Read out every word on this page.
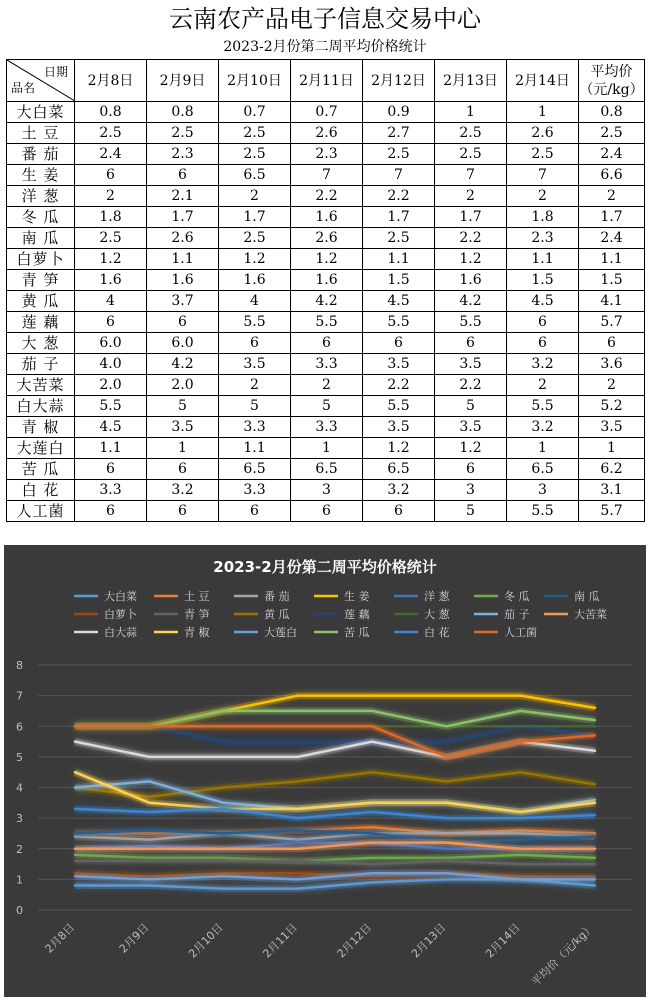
云南农产品电子信息交易中心
2023-2月份第二周平均价格统计
日期
品名	2月8日	2月9日	2月10日	2月11日	2月12日	2月13日	2月14日	平均价
（元/kg）
大白菜	0.8	0.8	0.7	0.7	0.9	1	1	0.8
土 豆	2.5	2.5	2.5	2.6	2.7	2.5	2.6	2.5
番 茄	2.4	2.3	2.5	2.3	2.5	2.5	2.5	2.4
生 姜	6	6	6.5	7	7	7	7	6.6
洋 葱	2	2.1	2	2.2	2.2	2	2	2
冬 瓜	1.8	1.7	1.7	1.6	1.7	1.7	1.8	1.7
南 瓜	2.5	2.6	2.5	2.6	2.5	2.2	2.3	2.4
白萝卜	1.2	1.1	1.2	1.2	1.1	1.2	1.1	1.1
青 笋	1.6	1.6	1.6	1.6	1.5	1.6	1.5	1.5
黄 瓜	4	3.7	4	4.2	4.5	4.2	4.5	4.1
莲 藕	6	6	5.5	5.5	5.5	5.5	6	5.7
大 葱	6.0	6.0	6	6	6	6	6	6
茄 子	4.0	4.2	3.5	3.3	3.5	3.5	3.2	3.6
大苦菜	2.0	2.0	2	2	2.2	2.2	2	2
白大蒜	5.5	5	5	5	5.5	5	5.5	5.2
青 椒	4.5	3.5	3.3	3.3	3.5	3.5	3.2	3.5
大莲白	1.1	1	1.1	1	1.2	1.2	1	1
苦 瓜	6	6	6.5	6.5	6.5	6	6.5	6.2
白 花	3.3	3.2	3.3	3	3.2	3	3	3.1
人工菌	6	6	6	6	6	5	5.5	5.7
2023-2月份第二周平均价格统计
大白菜	土 豆	番 茄	生 姜	洋 葱	冬 瓜	南 瓜
白萝卜	青 笋	黄 瓜	莲 藕	大 葱	茄 子	大苦菜
白大蒜	青 椒	大莲白	苦 瓜	白 花	人工菌
0
1
2
3
4
5
6
7
8
2月8日	2月9日	2月10日	2月11日	2月12日	2月13日	2月14日 平均价（元/kg）
